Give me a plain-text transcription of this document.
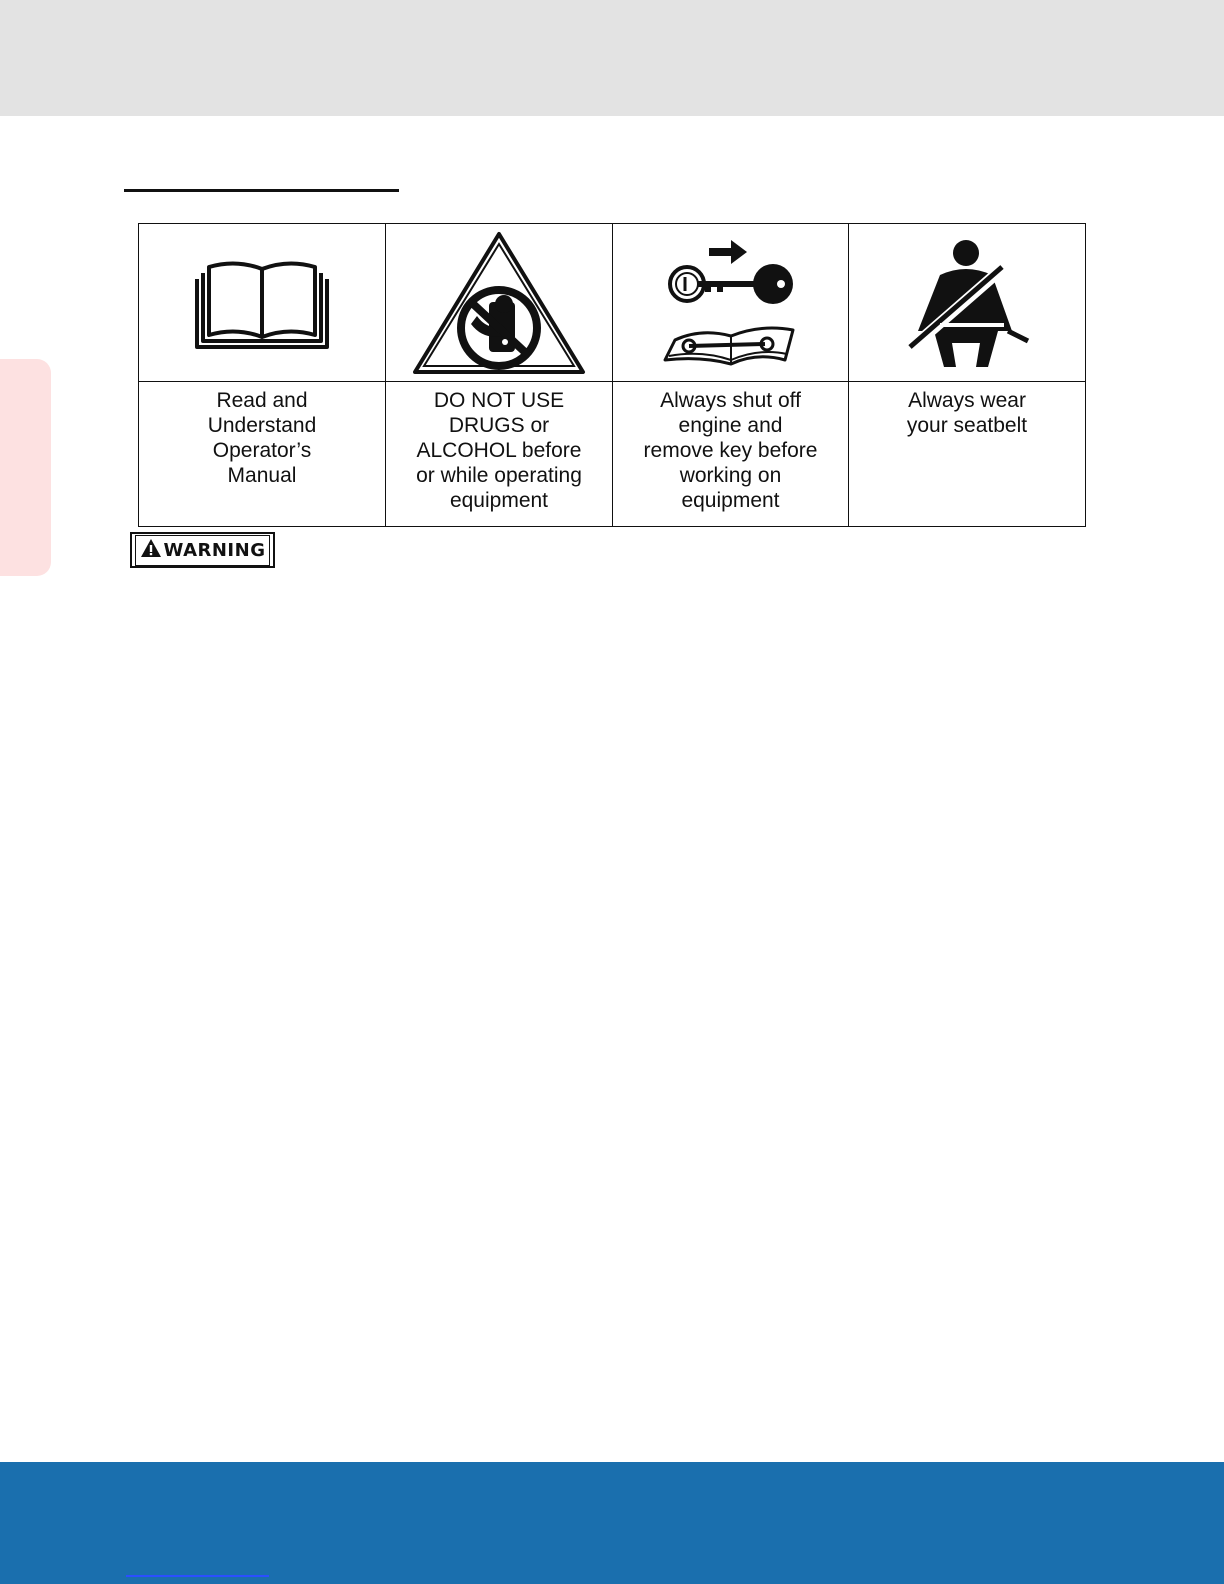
Read and
Understand
Operator’s
Manual	DO NOT USE
DRUGS or
ALCOHOL before
or while operating
equipment	Always shut off
engine and
remove key before
working on
equipment	Always wear
your seatbelt
WARNING
